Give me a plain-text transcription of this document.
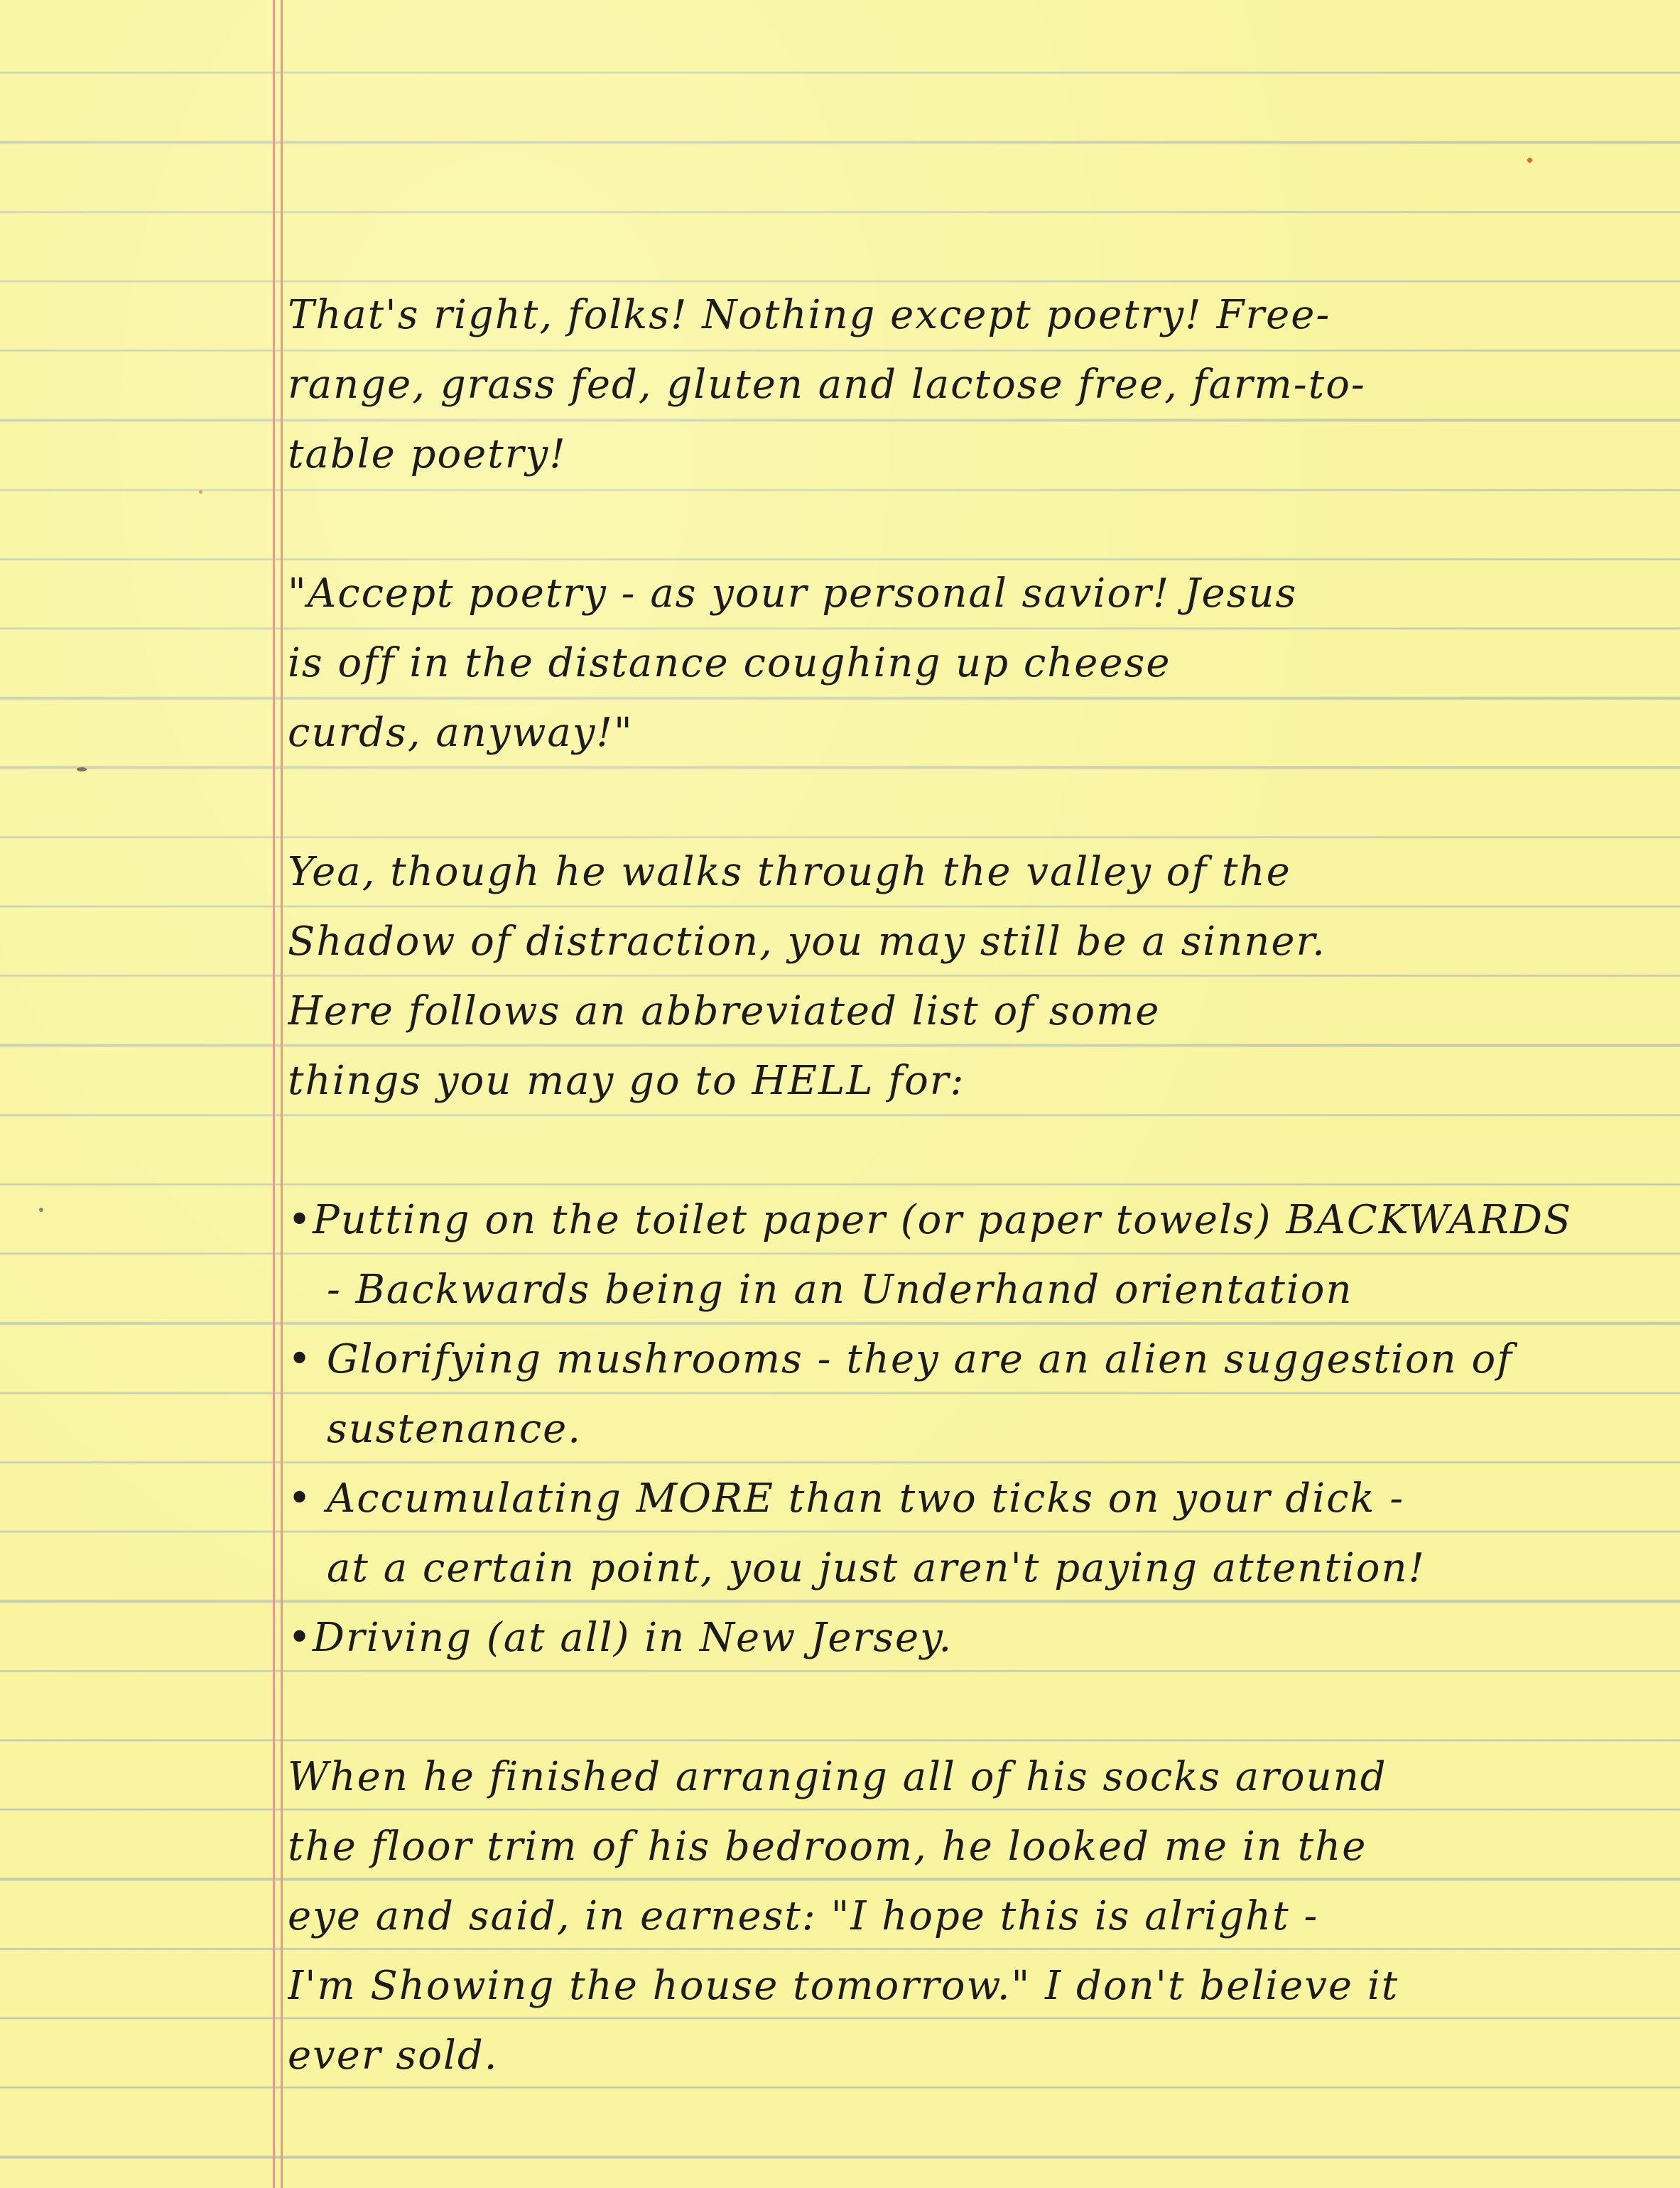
That's right, folks! Nothing except poetry! Free-
range, grass fed, gluten and lactose free, farm-to-
table poetry!
"Accept poetry - as your personal savior! Jesus
is off in the distance coughing up cheese
curds, anyway!"
Yea, though he walks through the valley of the
Shadow of distraction, you may still be a sinner.
Here follows an abbreviated list of some
things you may go to HELL for:
•Putting on the toilet paper (or paper towels) BACKWARDS
- Backwards being in an Underhand orientation
• Glorifying mushrooms - they are an alien suggestion of
sustenance.
• Accumulating MORE than two ticks on your dick -
at a certain point, you just aren't paying attention!
•Driving (at all) in New Jersey.
When he finished arranging all of his socks around
the floor trim of his bedroom, he looked me in the
eye and said, in earnest: "I hope this is alright -
I'm Showing the house tomorrow." I don't believe it
ever sold.
